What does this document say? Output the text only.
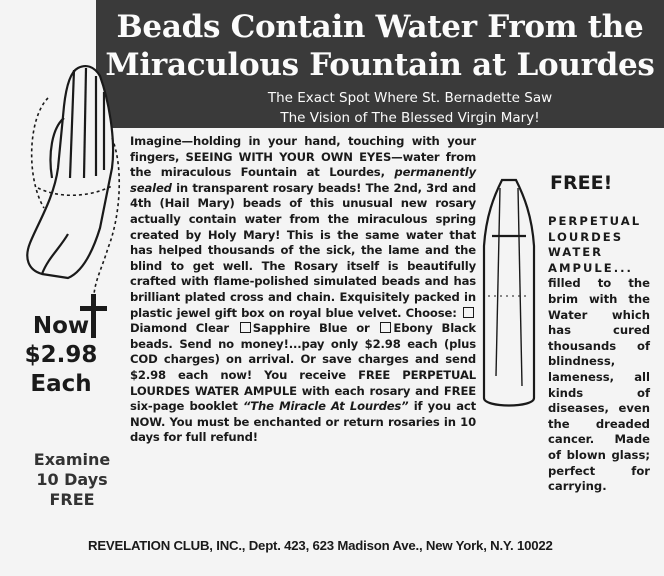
Beads Contain Water From the
Miraculous Fountain at Lourdes
The Exact Spot Where St. Bernadette Saw
The Vision of The Blessed Virgin Mary!
Now
$2.98
Each
Examine
10 Days
FREE
Imagine—holding in your hand, touching with your fingers, SEEING WITH YOUR OWN EYES—water from the miraculous Fountain at Lourdes, permanently sealed in transparent rosary beads! The 2nd, 3rd and 4th (Hail Mary) beads of this unusual new rosary actually contain water from the miraculous spring created by Holy Mary! This is the same water that has helped thousands of the sick, the lame and the blind to get well. The Rosary itself is beautifully crafted with flame-polished simulated beads and has brilliant plated cross and chain. Exquisitely packed in plastic jewel gift box on royal blue velvet. Choose: Diamond Clear Sapphire Blue or Ebony Black beads. Send no money!...pay only $2.98 each (plus COD charges) on arrival. Or save charges and send $2.98 each now! You receive FREE PERPETUAL LOURDES WATER AMPULE with each rosary and FREE six-page booklet “The Miracle At Lourdes” if you act NOW. You must be enchanted or return rosaries in 10 days for full refund!
FREE!
PERPETUAL LOURDES WATER AMPULE... filled to the brim with the Water which has cured thousands of blindness, lameness, all kinds of diseases, even the dreaded cancer. Made of blown glass; perfect for carrying.
REVELATION CLUB, INC., Dept. 423, 623 Madison Ave., New York, N.Y. 10022
